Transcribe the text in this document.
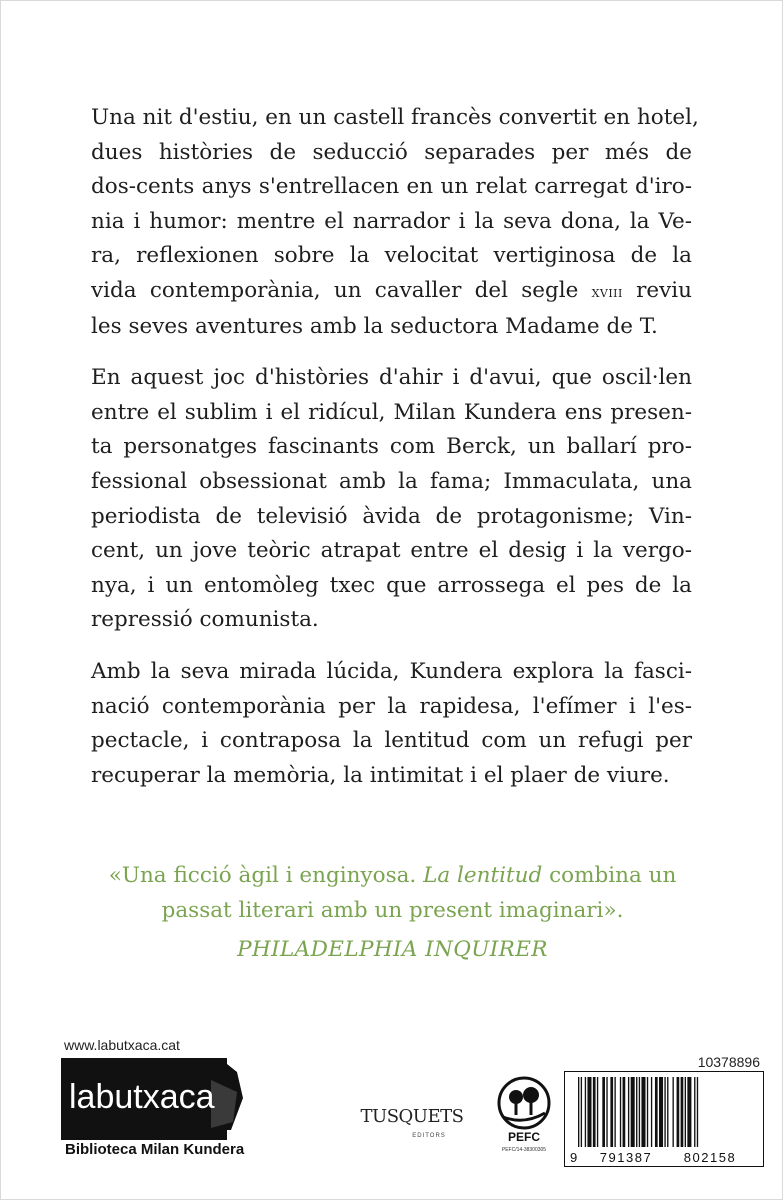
Una nit d'estiu, en un castell francès convertit en hotel,
dues històries de seducció separades per més de
dos-cents anys s'entrellacen en un relat carregat d'iro-
nia i humor: mentre el narrador i la seva dona, la Ve-
ra, reflexionen sobre la velocitat vertiginosa de la
vida contemporània, un cavaller del segle xviii reviu
les seves aventures amb la seductora Madame de T.

En aquest joc d'històries d'ahir i d'avui, que oscil·len
entre el sublim i el ridícul, Milan Kundera ens presen-
ta personatges fascinants com Berck, un ballarí pro-
fessional obsessionat amb la fama; Immaculata, una
periodista de televisió àvida de protagonisme; Vin-
cent, un jove teòric atrapat entre el desig i la vergo-
nya, i un entomòleg txec que arrossega el pes de la
repressió comunista.

Amb la seva mirada lúcida, Kundera explora la fasci-
nació contemporània per la rapidesa, l'efímer i l'es-
pectacle, i contraposa la lentitud com un refugi per
recuperar la memòria, la intimitat i el plaer de viure.

«Una ficció àgil i enginyosa. La lentitud combina un
passat literari amb un present imaginari».
PHILADELPHIA INQUIRER
www.labutxaca.cat
labutxaca
Biblioteca Milan Kundera
TUSQUETS
EDITORS	PEFC
PEFC/14-38300305
10378896
9 791387 802158
